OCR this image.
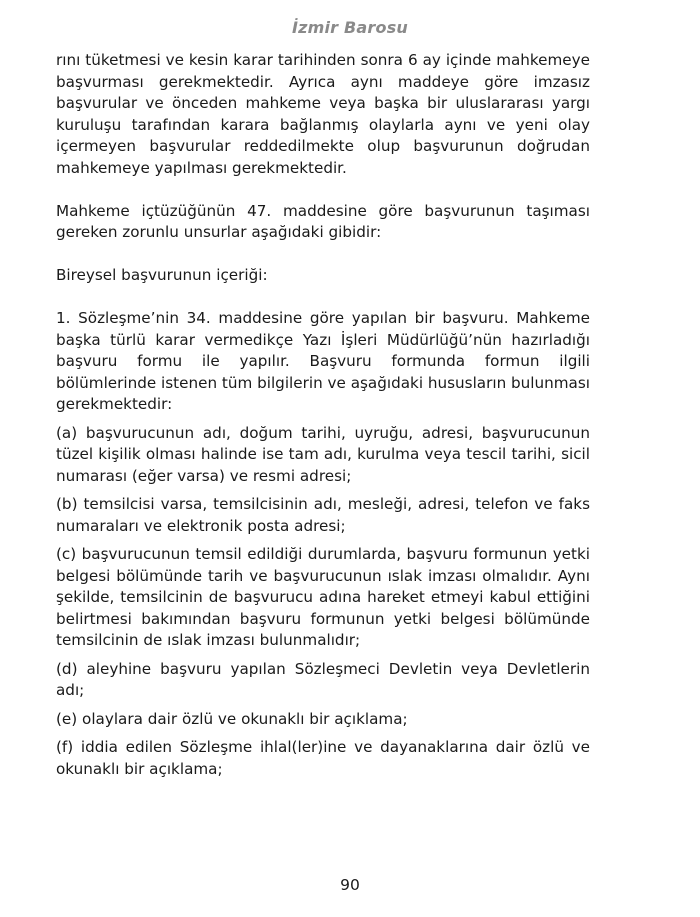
İzmir Barosu

rını tüketmesi ve kesin karar tarihinden sonra 6 ay içinde mahkemeye başvurması gerekmektedir. Ayrıca aynı maddeye göre imzasız başvurular ve önceden mahkeme veya başka bir uluslararası yargı kuruluşu tarafından karara bağlanmış olaylarla aynı ve yeni olay içermeyen başvurular reddedilmekte olup başvurunun doğrudan mahkemeye yapılması gerekmektedir.

Mahkeme içtüzüğünün 47. maddesine göre başvurunun taşıması gereken zorunlu unsurlar aşağıdaki gibidir:

Bireysel başvurunun içeriği:

1. Sözleşme’nin 34. maddesine göre yapılan bir başvuru. Mahkeme başka türlü karar vermedikçe Yazı İşleri Müdürlüğü’nün hazırladığı başvuru formu ile yapılır. Başvuru formunda formun ilgili bölümlerinde istenen tüm bilgilerin ve aşağıdaki hususların bulunması gerekmektedir:

(a) başvurucunun adı, doğum tarihi, uyruğu, adresi, başvurucunun tüzel kişilik olması halinde ise tam adı, kurulma veya tescil tarihi, sicil numarası (eğer varsa) ve resmi adresi;

(b) temsilcisi varsa, temsilcisinin adı, mesleği, adresi, telefon ve faks numaraları ve elektronik posta adresi;

(c) başvurucunun temsil edildiği durumlarda, başvuru formunun yetki belgesi bölümünde tarih ve başvurucunun ıslak imzası olmalıdır. Aynı şekilde, temsilcinin de başvurucu adına hareket etmeyi kabul ettiğini belirtmesi bakımından başvuru formunun yetki belgesi bölümünde temsilcinin de ıslak imzası bulunmalıdır;

(d) aleyhine başvuru yapılan Sözleşmeci Devletin veya Devletlerin adı;

(e) olaylara dair özlü ve okunaklı bir açıklama;

(f) iddia edilen Sözleşme ihlal(ler)ine ve dayanaklarına dair özlü ve okunaklı bir açıklama;

90
